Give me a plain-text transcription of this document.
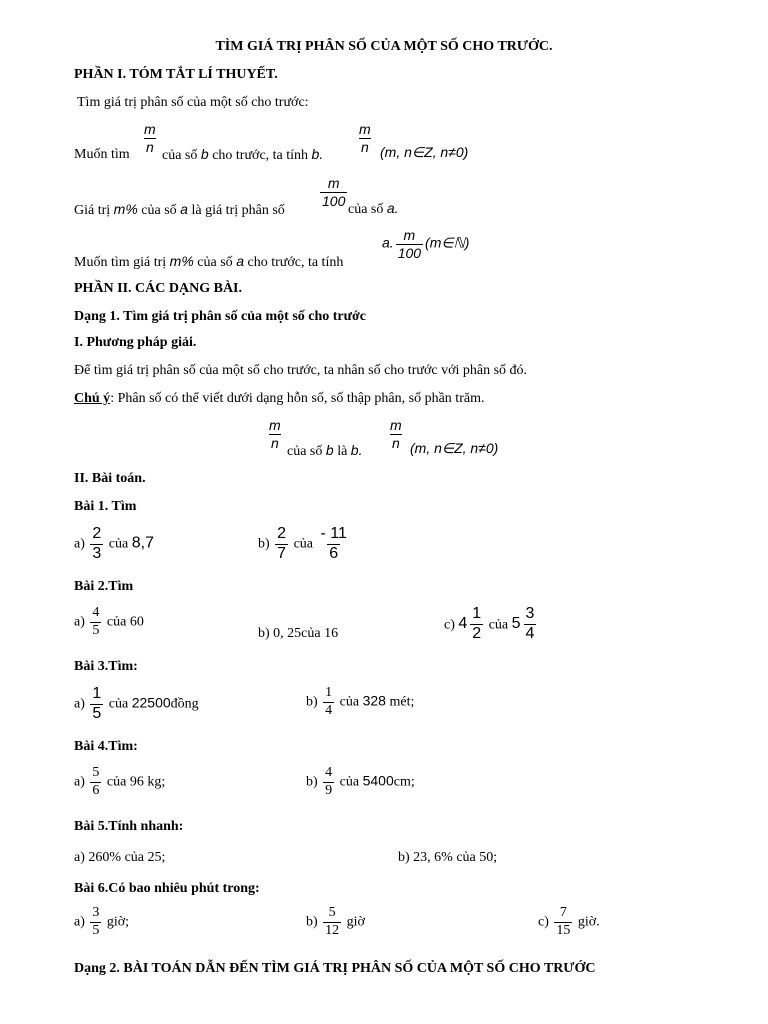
TÌM GIÁ TRỊ PHÂN SỐ CỦA MỘT SỐ CHO TRƯỚC.
PHẦN I. TÓM TẮT LÍ THUYẾT.
Tìm giá trị phân số của một số cho trước:
Muốn tìm
$\frac{m}{n}$
của số b cho trước, ta tính b. $\frac{m}{n} (m$, n∈Z, n≠0)
Giá trị m% của số a là giá trị phân số
$\frac{m}{100}$
của số a.
Muốn tìm giá trị m% của số a cho trước, ta tính
a. $\frac{m}{100}$ (m∈ℕ)
PHẦN II. CÁC DẠNG BÀI.
Dạng 1. Tìm giá trị phân số của một số cho trước
I. Phương pháp giải.
Để tìm giá trị phân số của một số cho trước, ta nhân số cho trước với phân số đó.
Chú ý: Phân số có thể viết dưới dạng hỗn số, số thập phân, số phần trăm.
$\frac{m}{n}$
của số b là b. $\frac{m}{n} (m$, n∈Z, n≠0)
II. Bài toán.
Bài 1. Tìm
$a) \frac{2}{3}$ của 8,7	$b) \frac{2}{7}$ của $\frac{- 11}{6}$
Bài 2.Tìm
$a) \frac{4}{5}$ của 60
b) 0, 25của 16
c) $4 \frac{1}{2}$ của $5 \frac{3}{4}$
Bài 3.Tìm:
$a) \frac{1}{5}$ của 22500đồng	$b) \frac{1}{4}$ của 328 mét;
Bài 4.Tìm:
$a) \frac{5}{6}$ của 96 kg;	$b) \frac{4}{9}$ của 5400cm;
Bài 5.Tính nhanh:
a) 260% của 25;	b) 23, 6% của 50;
Bài 6.Có bao nhiêu phút trong:
$a) \frac{3}{5}$ giờ;	$b) \frac{5}{12}$ giờ	$c) \frac{7}{15}$ giờ.
Dạng 2. BÀI TOÁN DẪN ĐẾN TÌM GIÁ TRỊ PHÂN SỐ CỦA MỘT SỐ CHO TRƯỚC
